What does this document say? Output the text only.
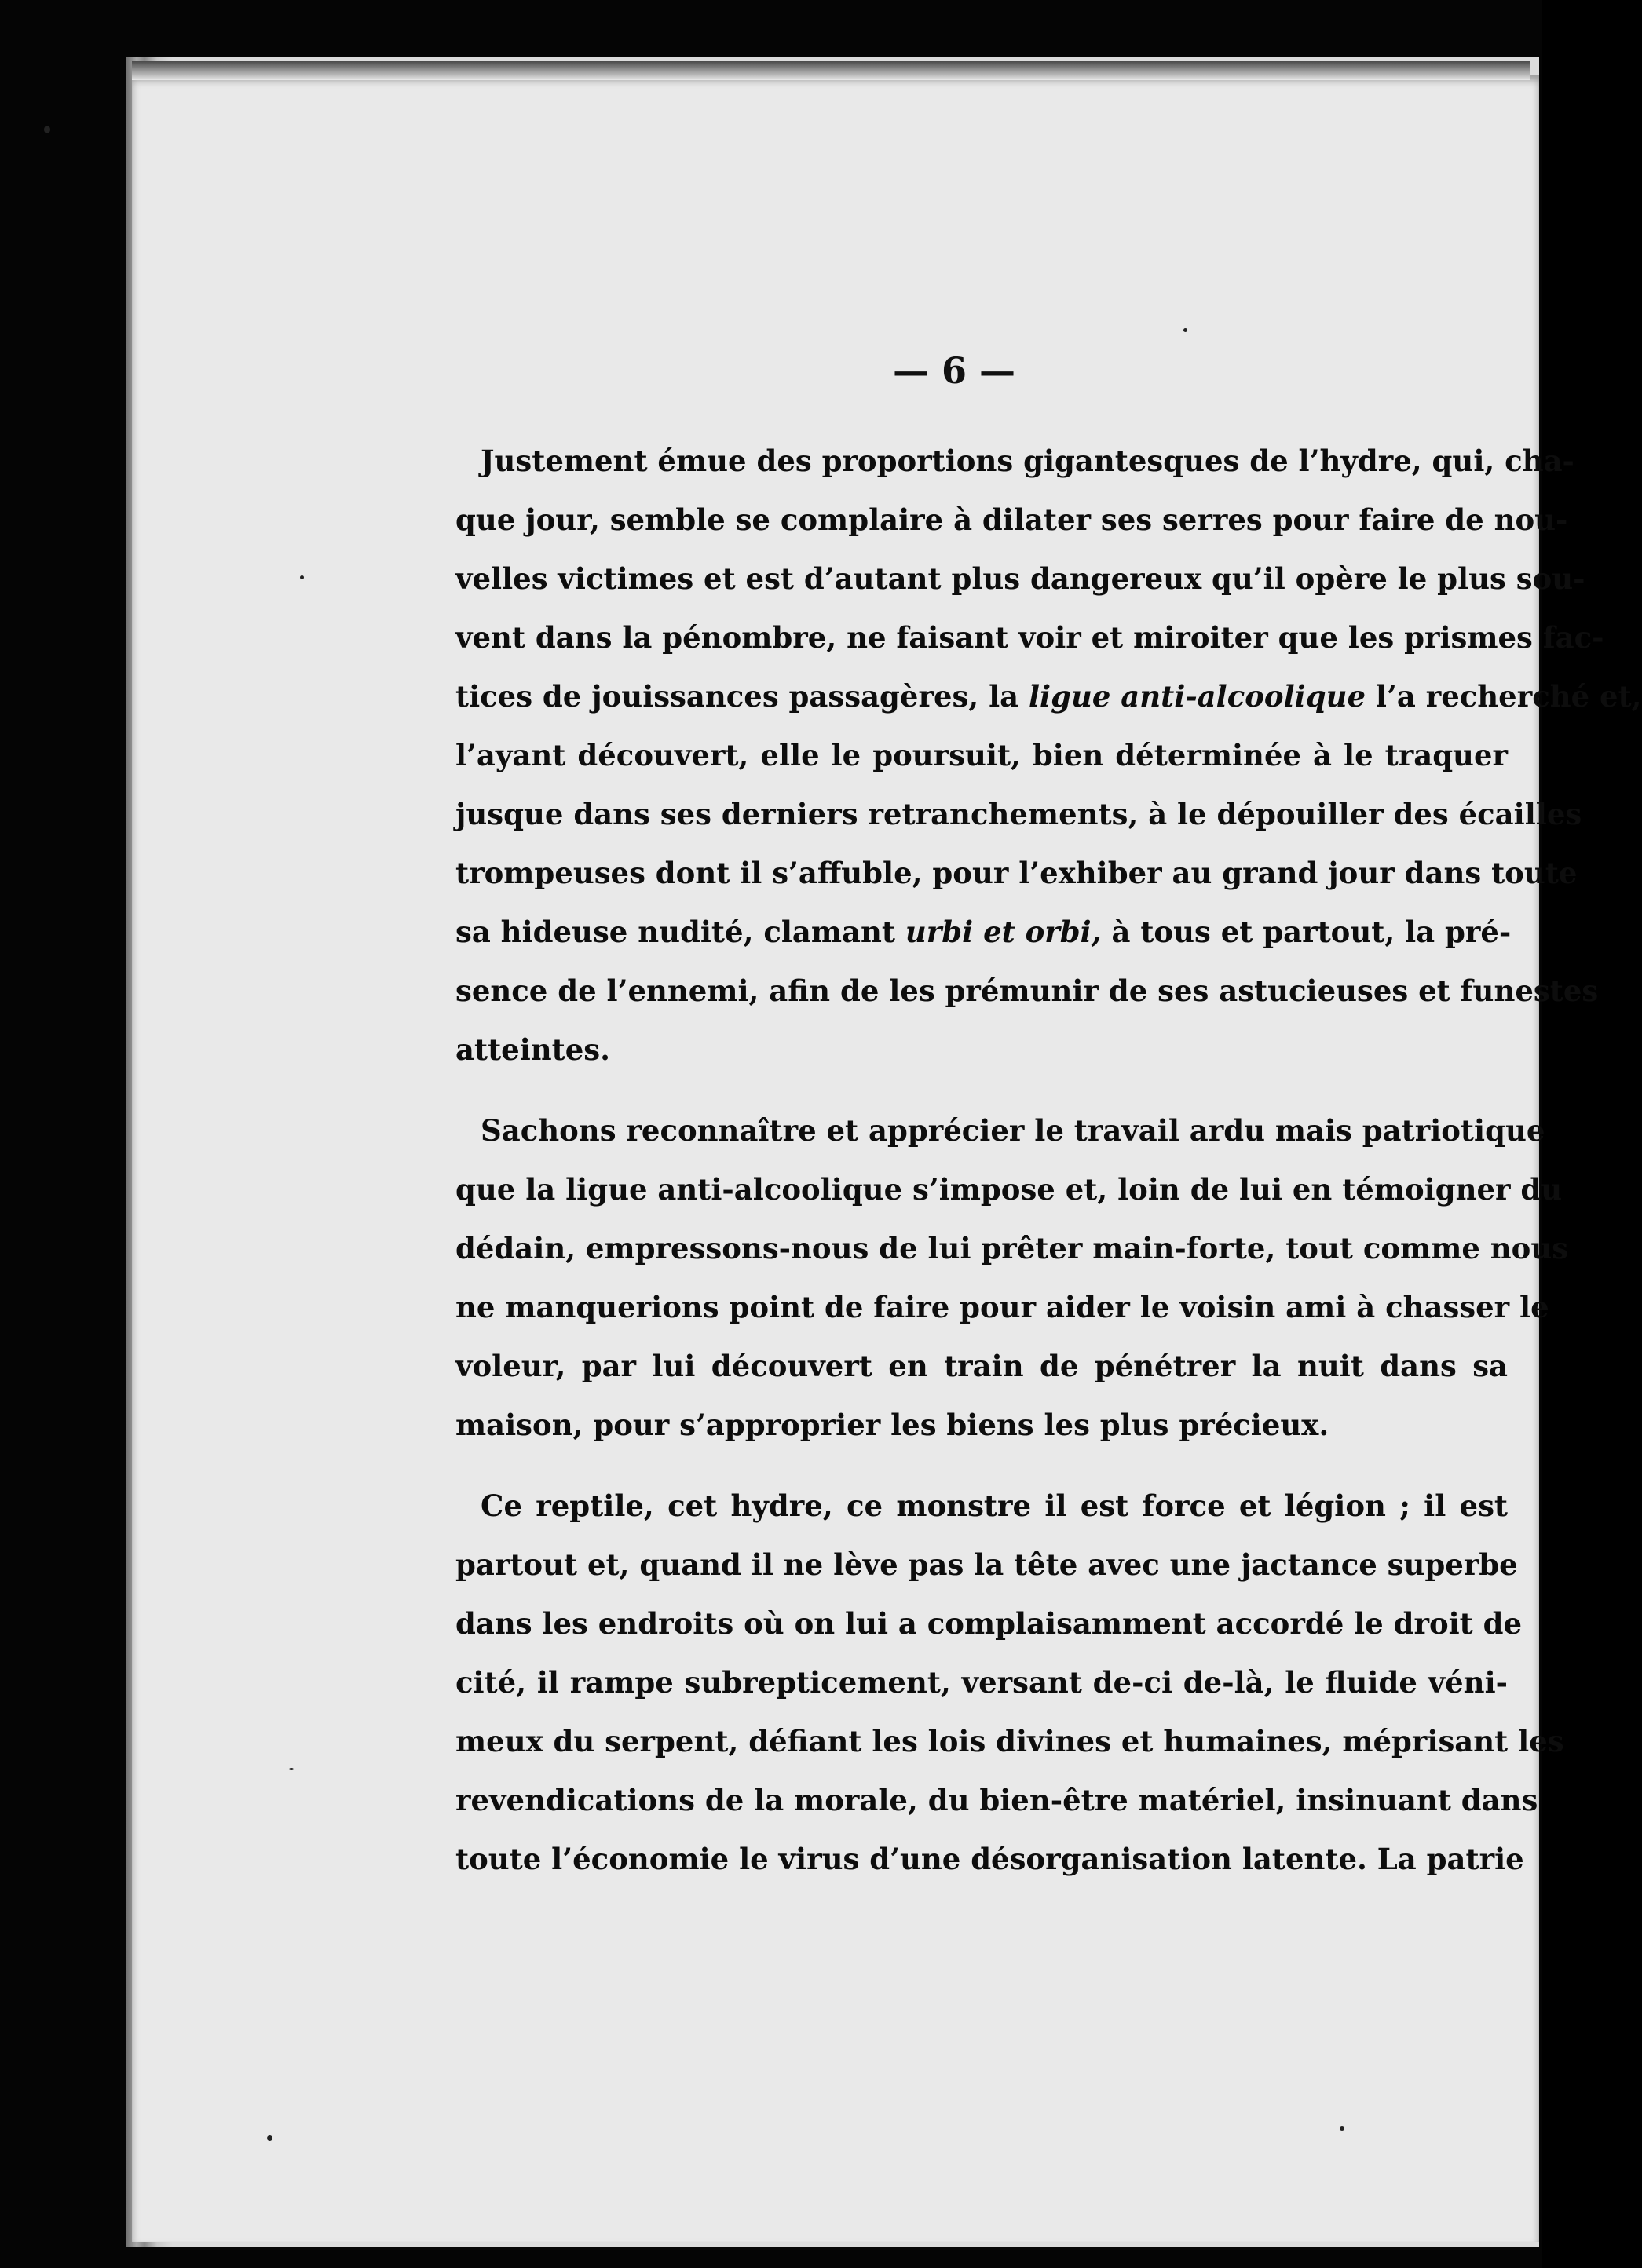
— 6 —

Justement émue des proportions gigantesques de l’hydre, qui, cha-
que jour, semble se complaire à dilater ses serres pour faire de nou-
velles victimes et est d’autant plus dangereux qu’il opère le plus sou-
vent dans la pénombre, ne faisant voir et miroiter que les prismes fac-
tices de jouissances passagères, la ligue anti-alcoolique l’a recherché et,
l’ayant découvert, elle le poursuit, bien déterminée à le traquer
jusque dans ses derniers retranchements, à le dépouiller des écailles
trompeuses dont il s’affuble, pour l’exhiber au grand jour dans toute
sa hideuse nudité, clamant urbi et orbi, à tous et partout, la pré-
sence de l’ennemi, afin de les prémunir de ses astucieuses et funestes
atteintes.

Sachons reconnaître et apprécier le travail ardu mais patriotique
que la ligue anti-alcoolique s’impose et, loin de lui en témoigner du
dédain, empressons-nous de lui prêter main-forte, tout comme nous
ne manquerions point de faire pour aider le voisin ami à chasser le
voleur, par lui découvert en train de pénétrer la nuit dans sa
maison, pour s’approprier les biens les plus précieux.

Ce reptile, cet hydre, ce monstre il est force et légion ; il est
partout et, quand il ne lève pas la tête avec une jactance superbe
dans les endroits où on lui a complaisamment accordé le droit de
cité, il rampe subrepticement, versant de-ci de-là, le fluide véni-
meux du serpent, défiant les lois divines et humaines, méprisant les
revendications de la morale, du bien-être matériel, insinuant dans
toute l’économie le virus d’une désorganisation latente. La patrie
